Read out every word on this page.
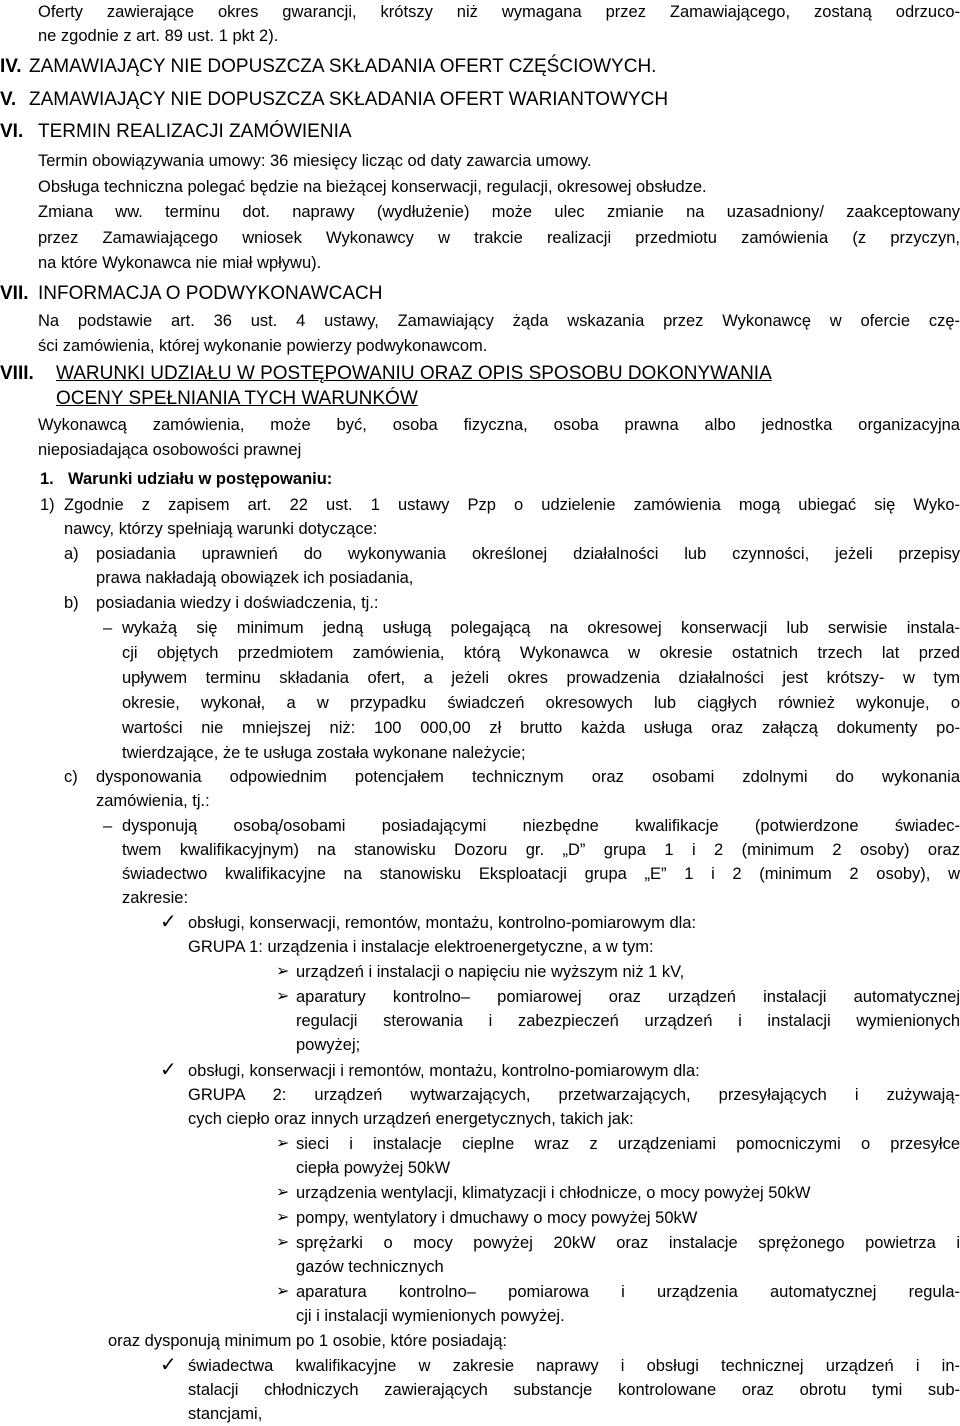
Oferty zawierające okres gwarancji, krótszy niż wymagana przez Zamawiającego, zostaną odrzuco-
ne zgodnie z art. 89 ust. 1 pkt 2).
IV. ZAMAWIAJĄCY NIE DOPUSZCZA SKŁADANIA OFERT CZĘŚCIOWYCH.
V. ZAMAWIAJĄCY NIE DOPUSZCZA SKŁADANIA OFERT WARIANTOWYCH
VI. TERMIN REALIZACJI ZAMÓWIENIA
Termin obowiązywania umowy: 36 miesięcy licząc od daty zawarcia umowy.
Obsługa techniczna polegać będzie na bieżącej konserwacji, regulacji, okresowej obsłudze.
Zmiana ww. terminu dot. naprawy (wydłużenie) może ulec zmianie na uzasadniony/ zaakceptowany
przez Zamawiającego wniosek Wykonawcy w trakcie realizacji przedmiotu zamówienia (z przyczyn,
na które Wykonawca nie miał wpływu).
VII. INFORMACJA O PODWYKONAWCACH
Na podstawie art. 36 ust. 4 ustawy, Zamawiający żąda wskazania przez Wykonawcę w ofercie czę-
ści zamówienia, której wykonanie powierzy podwykonawcom.
VIII. WARUNKI UDZIAŁU W POSTĘPOWANIU ORAZ OPIS SPOSOBU DOKONYWANIA
OCENY SPEŁNIANIA TYCH WARUNKÓW
Wykonawcą zamówienia, może być, osoba fizyczna, osoba prawna albo jednostka organizacyjna
nieposiadająca osobowości prawnej
1. Warunki udziału w postępowaniu:
1) Zgodnie z zapisem art. 22 ust. 1 ustawy Pzp o udzielenie zamówienia mogą ubiegać się Wyko-
nawcy, którzy spełniają warunki dotyczące:
a) posiadania uprawnień do wykonywania określonej działalności lub czynności, jeżeli przepisy
prawa nakładają obowiązek ich posiadania,
b) posiadania wiedzy i doświadczenia, tj.:
– wykażą się minimum jedną usługą polegającą na okresowej konserwacji lub serwisie instala-
cji objętych przedmiotem zamówienia, którą Wykonawca w okresie ostatnich trzech lat przed
upływem terminu składania ofert, a jeżeli okres prowadzenia działalności jest krótszy- w tym
okresie, wykonał, a w przypadku świadczeń okresowych lub ciągłych również wykonuje, o
wartości nie mniejszej niż: 100 000,00 zł brutto każda usługa oraz załączą dokumenty po-
twierdzające, że te usługa została wykonane należycie;
c) dysponowania odpowiednim potencjałem technicznym oraz osobami zdolnymi do wykonania
zamówienia, tj.:
– dysponują osobą/osobami posiadającymi niezbędne kwalifikacje (potwierdzone świadec-
twem kwalifikacyjnym) na stanowisku Dozoru gr. „D” grupa 1 i 2 (minimum 2 osoby) oraz
świadectwo kwalifikacyjne na stanowisku Eksploatacji grupa „E” 1 i 2 (minimum 2 osoby), w
zakresie:
✓ obsługi, konserwacji, remontów, montażu, kontrolno-pomiarowym dla:
GRUPA 1: urządzenia i instalacje elektroenergetyczne, a w tym:
➢ urządzeń i instalacji o napięciu nie wyższym niż 1 kV,
➢ aparatury kontrolno– pomiarowej oraz urządzeń instalacji automatycznej
regulacji sterowania i zabezpieczeń urządzeń i instalacji wymienionych
powyżej;
✓ obsługi, konserwacji i remontów, montażu, kontrolno-pomiarowym dla:
GRUPA 2: urządzeń wytwarzających, przetwarzających, przesyłających i zużywają-
cych ciepło oraz innych urządzeń energetycznych, takich jak:
➢ sieci i instalacje cieplne wraz z urządzeniami pomocniczymi o przesyłce
ciepła powyżej 50kW
➢ urządzenia wentylacji, klimatyzacji i chłodnicze, o mocy powyżej 50kW
➢ pompy, wentylatory i dmuchawy o mocy powyżej 50kW
➢ sprężarki o mocy powyżej 20kW oraz instalacje sprężonego powietrza i
gazów technicznych
➢ aparatura kontrolno– pomiarowa i urządzenia automatycznej regula-
cji i instalacji wymienionych powyżej.
oraz dysponują minimum po 1 osobie, które posiadają:
✓ świadectwa kwalifikacyjne w zakresie naprawy i obsługi technicznej urządzeń i in-
stalacji chłodniczych zawierających substancje kontrolowane oraz obrotu tymi sub-
stancjami,
